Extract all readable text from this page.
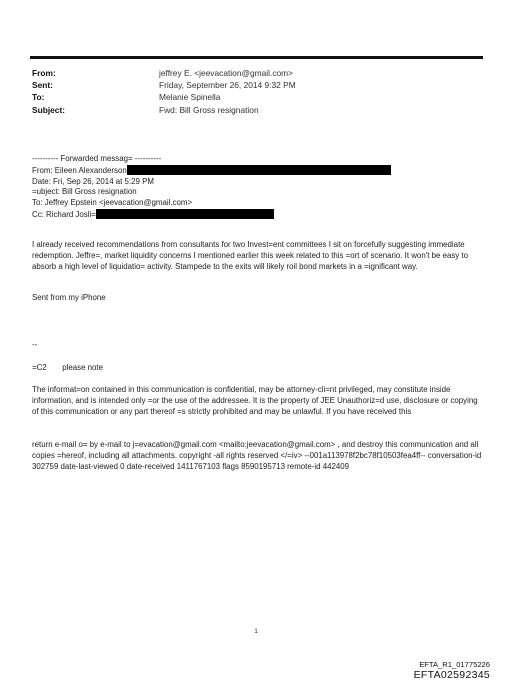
From:	jeffrey E. <jeevacation@gmail.com>
Sent:	Friday, September 26, 2014 9:32 PM
To:	Melanie Spinella
Subject:	Fwd: Bill Gross resignation
---------- Forwarded messag= ----------
From: Eileen Alexanderson
Date: Fri, Sep 26, 2014 at 5:29 PM
=ubject: Bill Gross resignation
To: Jeffrey Epstein <jeevacation@gmail.com>
Cc: Richard Josli=
I already received recommendations from consultants for two Invest=ent committees I sit on forcefully suggesting immediate redemption. Jeffre=, market liquidity concerns I mentioned earlier this week related to this =ort of scenario. It won't be easy to absorb a high level of liquidatio= activity. Stampede to the exits will likely roil bond markets in a =ignificant way.
Sent from my iPhone
--
=C2 please note
The informat=on contained in this communication is confidential, may be attorney-cli=nt privileged, may constitute inside information, and is intended only =or the use of the addressee. It is the property of JEE Unauthoriz=d use, disclosure or copying of this communication or any part thereof =s strictly prohibited and may be unlawful. If you have received this
return e-mail o= by e-mail to j=evacation@gmail.com <mailto:jeevacation@gmail.com> , and destroy this communication and all copies =hereof, including all attachments. copyright -all rights reserved </=iv> --001a113978f2bc78f10503fea4ff-- conversation-id 302759 date-last-viewed 0 date-received 1411767103 flags 8590195713 remote-id 442409
1
EFTA_R1_01775226
EFTA02592345
